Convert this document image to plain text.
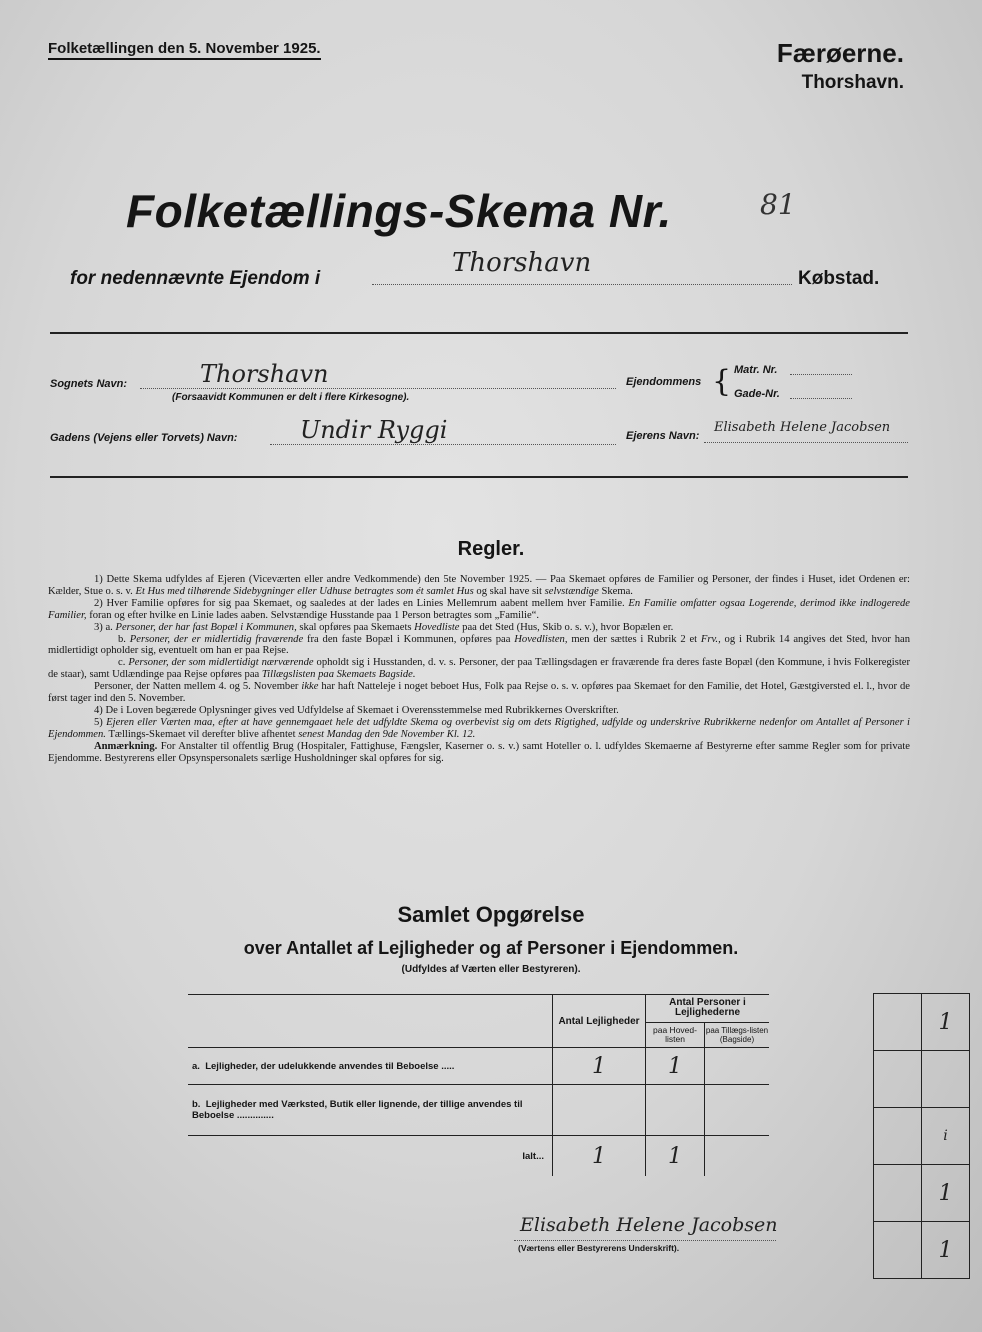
Folketællingen den 5. November 1925.	Færøerne.
Thorshavn.
Folketællings-Skema Nr.	81
for nedennævnte Ejendom i
Thorshavn
Købstad.
Sognets Navn:	Thorshavn
(Forsaavidt Kommunen er delt i flere Kirkesogne).
Ejendommens { Matr. Nr.
Gade-Nr.
Gadens (Vejens eller Torvets) Navn:	Undir Ryggi	Ejerens Navn:
Elisabeth Helene Jacobsen
Regler.

1) Dette Skema udfyldes af Ejeren (Viceværten eller andre Vedkommende) den 5te November 1925. — Paa Skemaet opføres de Familier og Personer, der findes i Huset, idet Ordenen er: Kælder, Stue o. s. v. Et Hus med tilhørende Sidebygninger eller Udhuse betragtes som ét samlet Hus og skal have sit selvstændige Skema.

2) Hver Familie opføres for sig paa Skemaet, og saaledes at der lades en Linies Mellemrum aabent mellem hver Familie. En Familie omfatter ogsaa Logerende, derimod ikke indlogerede Familier, foran og efter hvilke en Linie lades aaben. Selvstændige Husstande paa 1 Person betragtes som „Familie“.

3) a. Personer, der har fast Bopæl i Kommunen, skal opføres paa Skemaets Hovedliste paa det Sted (Hus, Skib o. s. v.), hvor Bopælen er.

b. Personer, der er midlertidig fraværende fra den faste Bopæl i Kommunen, opføres paa Hovedlisten, men der sættes i Rubrik 2 et Frv., og i Rubrik 14 angives det Sted, hvor han midlertidigt opholder sig, eventuelt om han er paa Rejse.

c. Personer, der som midlertidigt nærværende opholdt sig i Husstanden, d. v. s. Personer, der paa Tællingsdagen er fraværende fra deres faste Bopæl (den Kommune, i hvis Folkeregister de staar), samt Udlændinge paa Rejse opføres paa Tillægslisten paa Skemaets Bagside.

Personer, der Natten mellem 4. og 5. November ikke har haft Natteleje i noget beboet Hus, Folk paa Rejse o. s. v. opføres paa Skemaet for den Familie, det Hotel, Gæstgiversted el. l., hvor de først tager ind den 5. November.

4) De i Loven begærede Oplysninger gives ved Udfyldelse af Skemaet i Overensstemmelse med Rubrikkernes Overskrifter.

5) Ejeren eller Værten maa, efter at have gennemgaaet hele det udfyldte Skema og overbevist sig om dets Rigtighed, udfylde og underskrive Rubrikkerne nedenfor om Antallet af Personer i Ejendommen. Tællings-Skemaet vil derefter blive afhentet senest Mandag den 9de November Kl. 12.

Anmærkning. For Anstalter til offentlig Brug (Hospitaler, Fattighuse, Fængsler, Kaserner o. s. v.) samt Hoteller o. l. udfyldes Skemaerne af Bestyrerne efter samme Regler som for private Ejendomme. Bestyrerens eller Opsynspersonalets særlige Husholdninger skal opføres for sig.

Samlet Opgørelse
over Antallet af Lejligheder og af Personer i Ejendommen.
(Udfyldes af Værten eller Bestyreren).
	Antal Lejligheder	Antal Personer i Lejlighederne	
		paa Hoved-listen	paa Tillægs-listen (Bagside)
a. Lejligheder, der udelukkende anvendes til Beboelse .....	1	1	
b. Lejligheder med Værksted, Butik eller lignende, der tillige anvendes til Beboelse ..............			
Ialt...	1	1	
	1

	i
	1
	1
Elisabeth Helene Jacobsen
(Værtens eller Bestyrerens Underskrift).
